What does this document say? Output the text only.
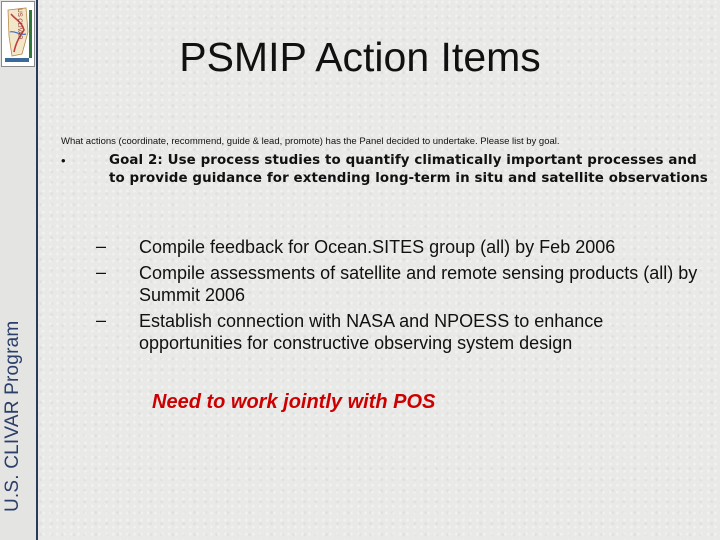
US CLIVAR
U.S. CLIVAR Program
PSMIP Action Items
What actions (coordinate, recommend, guide & lead, promote) has the Panel decided to undertake. Please list by goal.
•	Goal 2: Use process studies to quantify climatically important processes and to provide guidance for extending long-term in situ and satellite observations
– Compile feedback for Ocean.SITES group (all) by Feb 2006
– Compile assessments of satellite and remote sensing products (all) by Summit 2006
– Establish connection with NASA and NPOESS to enhance opportunities for constructive observing system design
Need to work jointly with POS
